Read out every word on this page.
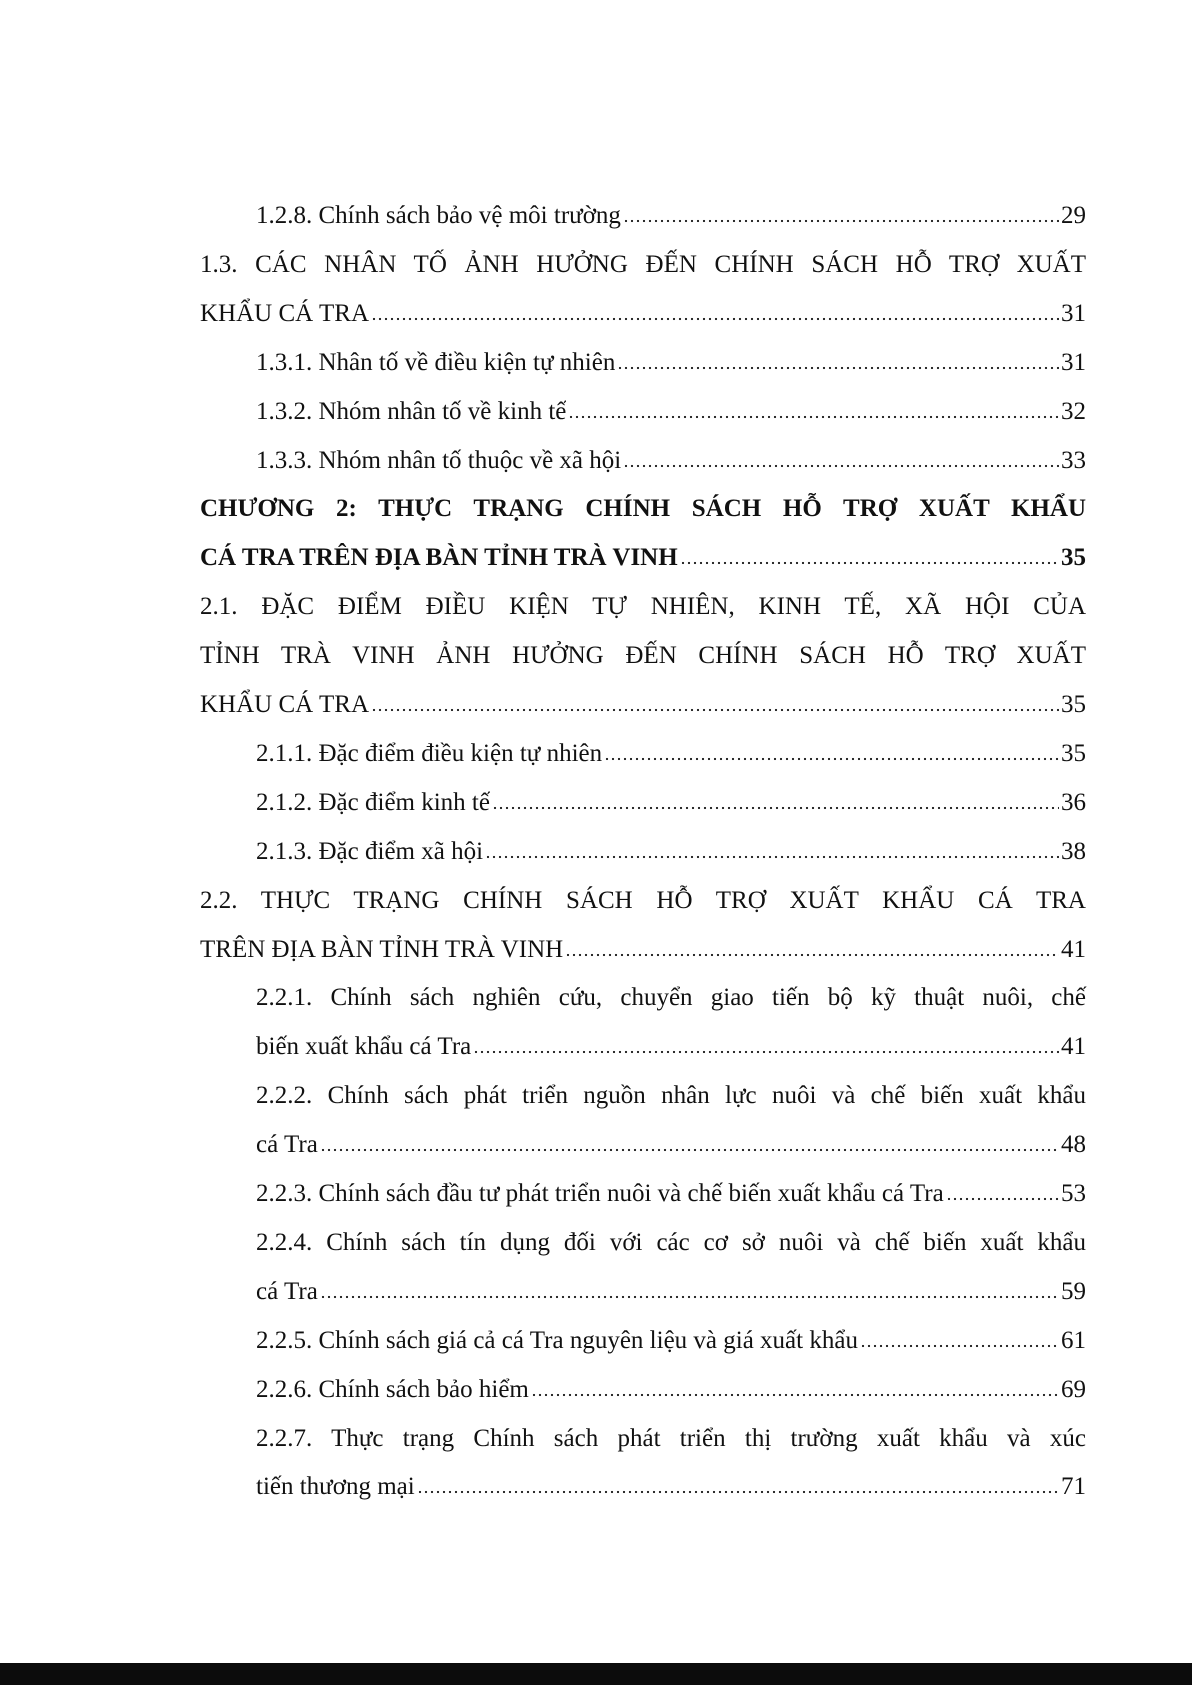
1.2.8. Chính sách bảo vệ môi trường	29
1.3. CÁC NHÂN TỐ ẢNH HƯỞNG ĐẾN CHÍNH SÁCH HỖ TRỢ XUẤT
KHẨU CÁ TRA	31
1.3.1. Nhân tố về điều kiện tự nhiên	31
1.3.2. Nhóm nhân tố về kinh tế	32
1.3.3. Nhóm nhân tố thuộc về xã hội	33
CHƯƠNG 2: THỰC TRẠNG CHÍNH SÁCH HỖ TRỢ XUẤT KHẨU
CÁ TRA TRÊN ĐỊA BÀN TỈNH TRÀ VINH	35
2.1. ĐẶC ĐIỂM ĐIỀU KIỆN TỰ NHIÊN, KINH TẾ, XÃ HỘI CỦA
TỈNH TRÀ VINH ẢNH HƯỞNG ĐẾN CHÍNH SÁCH HỖ TRỢ XUẤT
KHẨU CÁ TRA	35
2.1.1. Đặc điểm điều kiện tự nhiên	35
2.1.2. Đặc điểm kinh tế	36
2.1.3. Đặc điểm xã hội	38
2.2. THỰC TRẠNG CHÍNH SÁCH HỖ TRỢ XUẤT KHẨU CÁ TRA
TRÊN ĐỊA BÀN TỈNH TRÀ VINH	41
2.2.1. Chính sách nghiên cứu, chuyển giao tiến bộ kỹ thuật nuôi, chế
biến xuất khẩu cá Tra	41
2.2.2. Chính sách phát triển nguồn nhân lực nuôi và chế biến xuất khẩu
cá Tra	48
2.2.3. Chính sách đầu tư phát triển nuôi và chế biến xuất khẩu cá Tra	53
2.2.4. Chính sách tín dụng đối với các cơ sở nuôi và chế biến xuất khẩu
cá Tra	59
2.2.5. Chính sách giá cả cá Tra nguyên liệu và giá xuất khẩu	61
2.2.6. Chính sách bảo hiểm	69
2.2.7. Thực trạng Chính sách phát triển thị trường xuất khẩu và xúc
tiến thương mại	71
